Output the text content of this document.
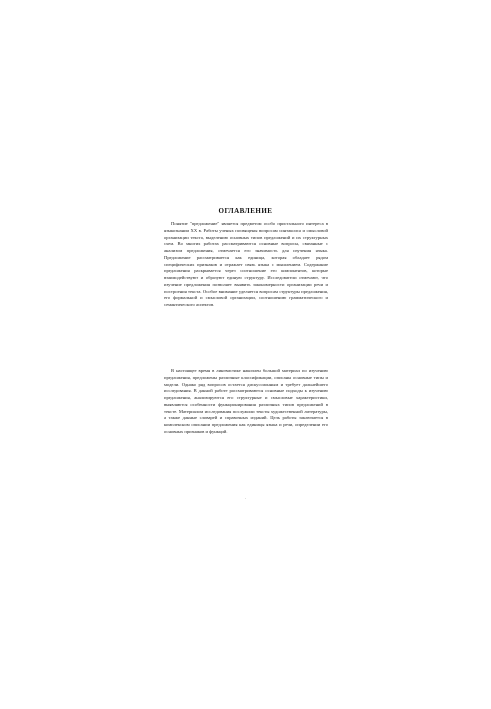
ОГЛАВЛЕНИЕ

Понятие "предложение" является предметом особо пристального интереса в языкознании XX в. Работы ученых посвящены вопросам синтаксиса и смысловой организации текста, выделению основных типов предложений и их структурных схем. Во многих работах рассматриваются основные вопросы, связанные с анализом предложения, отмечается его значимость для изучения языка. Предложение рассматривается как единица, которая обладает рядом специфических признаков и отражает связь языка с мышлением. Содержание предложения раскрывается через соотношение его компонентов, которые взаимодействуют и образуют единую структуру. Исследователи отмечают, что изучение предложения позволяет выявить закономерности организации речи и построения текста. Особое внимание уделяется вопросам структуры предложения, его формальной и смысловой организации, соотношению грамматического и семантического аспектов.

В настоящее время в лингвистике накоплен большой материал по изучению предложения, предложены различные классификации, описаны основные типы и модели. Однако ряд вопросов остается дискуссионным и требует дальнейшего исследования. В данной работе рассматриваются основные подходы к изучению предложения, анализируются его структурные и смысловые характеристики, выявляются особенности функционирования различных типов предложений в тексте. Материалом исследования послужили тексты художественной литературы, а также данные словарей и справочных изданий. Цель работы заключается в комплексном описании предложения как единицы языка и речи, определении его основных признаков и функций.

·
